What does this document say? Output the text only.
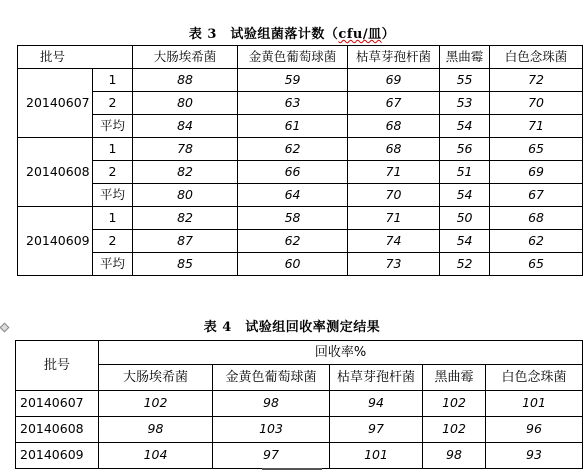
表 3　试验组菌落计数（cfu/皿）
批号		大肠埃希菌	金黄色葡萄球菌	枯草芽孢杆菌	黑曲霉	白色念珠菌
20140607	1	88	59	69	55	72
	2	80	63	67	53	70
	平均	84	61	68	54	71
20140608	1	78	62	68	56	65
	2	82	66	71	51	69
	平均	80	64	70	54	67
20140609	1	82	58	71	50	68
	2	87	62	74	54	62
	平均	85	60	73	52	65
表 4　试验组回收率测定结果
批号	回收率%				
	大肠埃希菌	金黄色葡萄球菌	枯草芽孢杆菌	黑曲霉	白色念珠菌
20140607	102	98	94	102	101
20140608	98	103	97	102	96
20140609	104	97	101	98	93
